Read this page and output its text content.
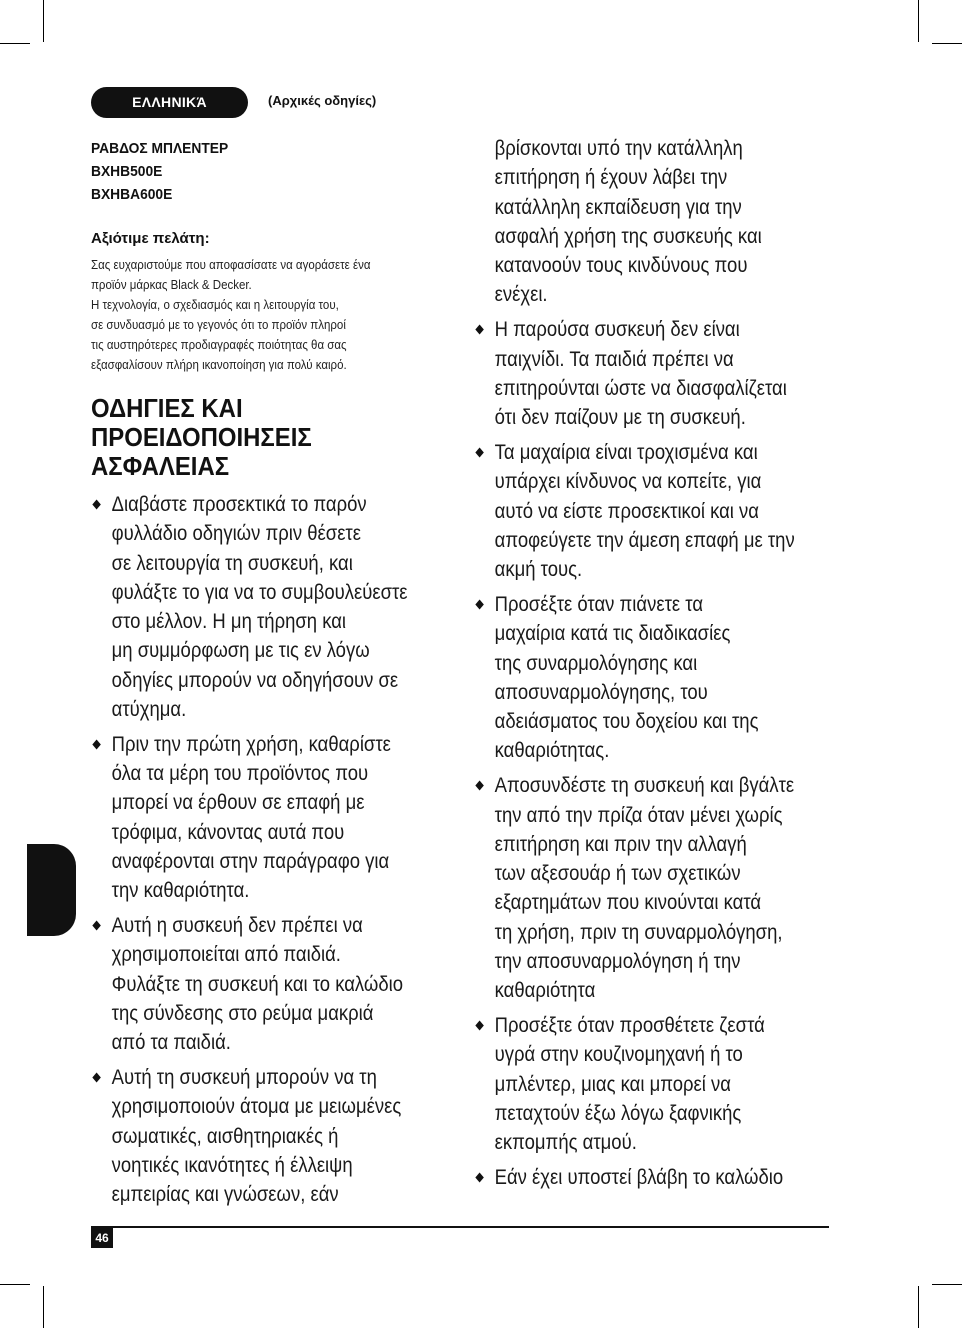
ΕΛΛΗΝΙΚΆ	(Αρχικές οδηγίες)
ΡΑΒΔΟΣ ΜΠΛΕΝΤΕΡ
BXHB500E
BXHBA600E
Αξιότιμε πελάτη:
Σας ευχαριστούμε που αποφασίσατε να αγοράσετε ένα
προϊόν μάρκας Black & Decker.
Η τεχνολογία, ο σχεδιασμός και η λειτουργία του,
σε συνδυασμό με το γεγονός ότι το προϊόν πληροί
τις αυστηρότερες προδιαγραφές ποιότητας θα σας
εξασφαλίσουν πλήρη ικανοποίηση για πολύ καιρό.
ΟΔΗΓΙΕΣ ΚΑΙ
ΠΡΟΕΙΔΟΠΟΙΗΣΕΙΣ
ΑΣΦΑΛΕΙΑΣ
Διαβάστε προσεκτικά το παρόν
φυλλάδιο οδηγιών πριν θέσετε
σε λειτουργία τη συσκευή, και
φυλάξτε το για να το συμβουλεύεστε
στο μέλλον. Η μη τήρηση και
μη συμμόρφωση με τις εν λόγω
οδηγίες μπορούν να οδηγήσουν σε
ατύχημα.
Πριν την πρώτη χρήση, καθαρίστε
όλα τα μέρη του προϊόντος που
μπορεί να έρθουν σε επαφή με
τρόφιμα, κάνοντας αυτά που
αναφέρονται στην παράγραφο για
την καθαριότητα.
Αυτή η συσκευή δεν πρέπει να
χρησιμοποιείται από παιδιά.
Φυλάξτε τη συσκευή και το καλώδιο
της σύνδεσης στο ρεύμα μακριά
από τα παιδιά.
Αυτή τη συσκευή μπορούν να τη
χρησιμοποιούν άτομα με μειωμένες
σωματικές, αισθητηριακές ή
νοητικές ικανότητες ή έλλειψη
εμπειρίας και γνώσεων, εάν
βρίσκονται υπό την κατάλληλη
επιτήρηση ή έχουν λάβει την
κατάλληλη εκπαίδευση για την
ασφαλή χρήση της συσκευής και
κατανοούν τους κινδύνους που
ενέχει.
Η παρούσα συσκευή δεν είναι
παιχνίδι. Τα παιδιά πρέπει να
επιτηρούνται ώστε να διασφαλίζεται
ότι δεν παίζουν με τη συσκευή.
Τα μαχαίρια είναι τροχισμένα και
υπάρχει κίνδυνος να κοπείτε, για
αυτό να είστε προσεκτικοί και να
αποφεύγετε την άμεση επαφή με την
ακμή τους.
Προσέξτε όταν πιάνετε τα
μαχαίρια κατά τις διαδικασίες
της συναρμολόγησης και
αποσυναρμολόγησης, του
αδειάσματος του δοχείου και της
καθαριότητας.
Αποσυνδέστε τη συσκευή και βγάλτε
την από την πρίζα όταν μένει χωρίς
επιτήρηση και πριν την αλλαγή
των αξεσουάρ ή των σχετικών
εξαρτημάτων που κινούνται κατά
τη χρήση, πριν τη συναρμολόγηση,
την αποσυναρμολόγηση ή την
καθαριότητα
Προσέξτε όταν προσθέτετε ζεστά
υγρά στην κουζινομηχανή ή το
μπλέντερ, μιας και μπορεί να
πεταχτούν έξω λόγω ξαφνικής
εκπομπής ατμού.
Εάν έχει υποστεί βλάβη το καλώδιο
46
